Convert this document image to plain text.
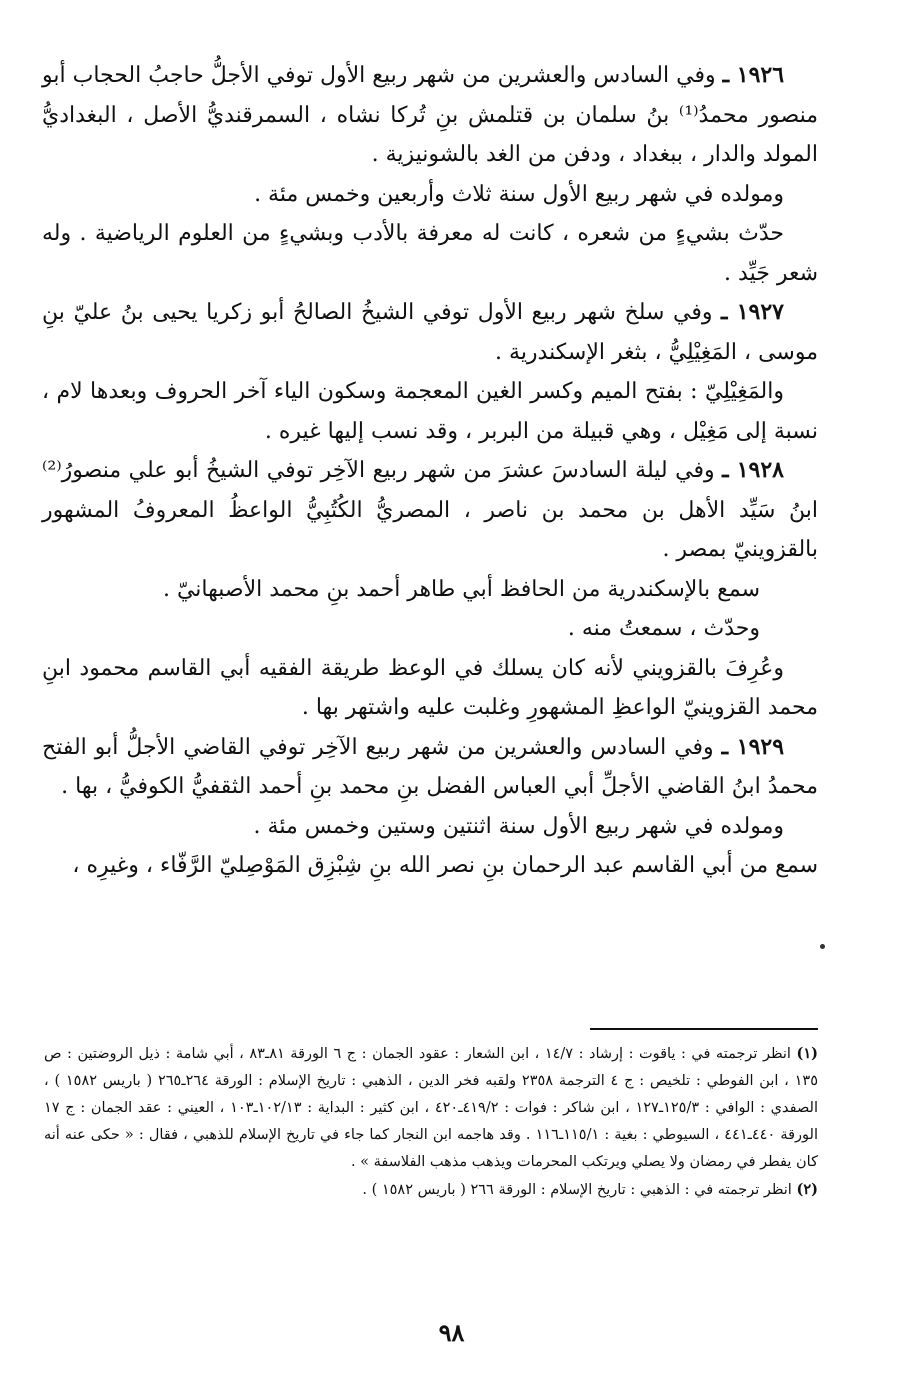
١٩٢٦ ـ وفي السادس والعشرين من شهر ربيع الأول توفي الأجلُّ حاجبُ الحجاب أبو منصور محمدُ⁽¹⁾ بنُ سلمان بن قتلمش بنِ تُركا نشاه ، السمرقنديُّ الأصل ، البغداديُّ المولد والدار ، ببغداد ، ودفن من الغد بالشونيزية .

ومولده في شهر ربيع الأول سنة ثلاث وأربعين وخمس مئة .

حدّث بشيءٍ من شعره ، كانت له معرفة بالأدب وبشيءٍ من العلوم الرياضية . وله شعر جَيِّد .

١٩٢٧ ـ وفي سلخ شهر ربيع الأول توفي الشيخُ الصالحُ أبو زكريا يحيى بنُ عليّ بنِ موسى ، المَغِيْلِيُّ ، بثغر الإسكندرية .

والمَغِيْلِيّ : بفتح الميم وكسر الغين المعجمة وسكون الياء آخر الحروف وبعدها لام ، نسبة إلى مَغِيْل ، وهي قبيلة من البربر ، وقد نسب إليها غيره .

١٩٢٨ ـ وفي ليلة السادسَ عشرَ من شهر ربيع الآخِر توفي الشيخُ أبو علي منصورُ⁽²⁾ ابنُ سَيِّد الأهل بن محمد بن ناصر ، المصريُّ الكُتُبِيُّ الواعظُ المعروفُ المشهور بالقزوينيّ بمصر .

سمع بالإسكندرية من الحافظ أبي طاهر أحمد بنِ محمد الأصبهانيّ .

وحدّث ، سمعتُ منه .

وعُرِفَ بالقزويني لأنه كان يسلك في الوعظ طريقة الفقيه أبي القاسم محمود ابنِ محمد القزوينيّ الواعظِ المشهورِ وغلبت عليه واشتهر بها .

١٩٢٩ ـ وفي السادس والعشرين من شهر ربيع الآخِر توفي القاضي الأجلُّ أبو الفتح محمدُ ابنُ القاضي الأجلِّ أبي العباس الفضل بنِ محمد بنِ أحمد الثقفيُّ الكوفيُّ ، بها .

ومولده في شهر ربيع الأول سنة اثنتين وستين وخمس مئة .

سمع من أبي القاسم عبد الرحمان بنِ نصر الله بنِ شِبْزِق المَوْصِليّ الرَّفّاء ، وغيرِه ،

(١) انظر ترجمته في : ياقوت : إرشاد : ١٤/٧ ، ابن الشعار : عقود الجمان : ج ٦ الورقة ٨١ـ٨٣ ، أبي شامة : ذيل الروضتين : ص ١٣٥ ، ابن الفوطي : تلخيص : ج ٤ الترجمة ٢٣٥٨ ولقبه فخر الدين ، الذهبي : تاريخ الإسلام : الورقة ٢٦٤ـ٢٦٥ ( باريس ١٥٨٢ ) ، الصفدي : الوافي : ١٢٥/٣ـ١٢٧ ، ابن شاكر : فوات : ٤١٩/٢ـ٤٢٠ ، ابن كثير : البداية : ١٠٢/١٣ـ١٠٣ ، العيني : عقد الجمان : ج ١٧ الورقة ٤٤٠ـ٤٤١ ، السيوطي : بغية : ١١٥/١ـ١١٦ . وقد هاجمه ابن النجار كما جاء في تاريخ الإسلام للذهبي ، فقال : « حكى عنه أنه كان يفطر في رمضان ولا يصلي ويرتكب المحرمات ويذهب مذهب الفلاسفة » .

(٢) انظر ترجمته في : الذهبي : تاريخ الإسلام : الورقة ٢٦٦ ( باريس ١٥٨٢ ) .

٩٨
